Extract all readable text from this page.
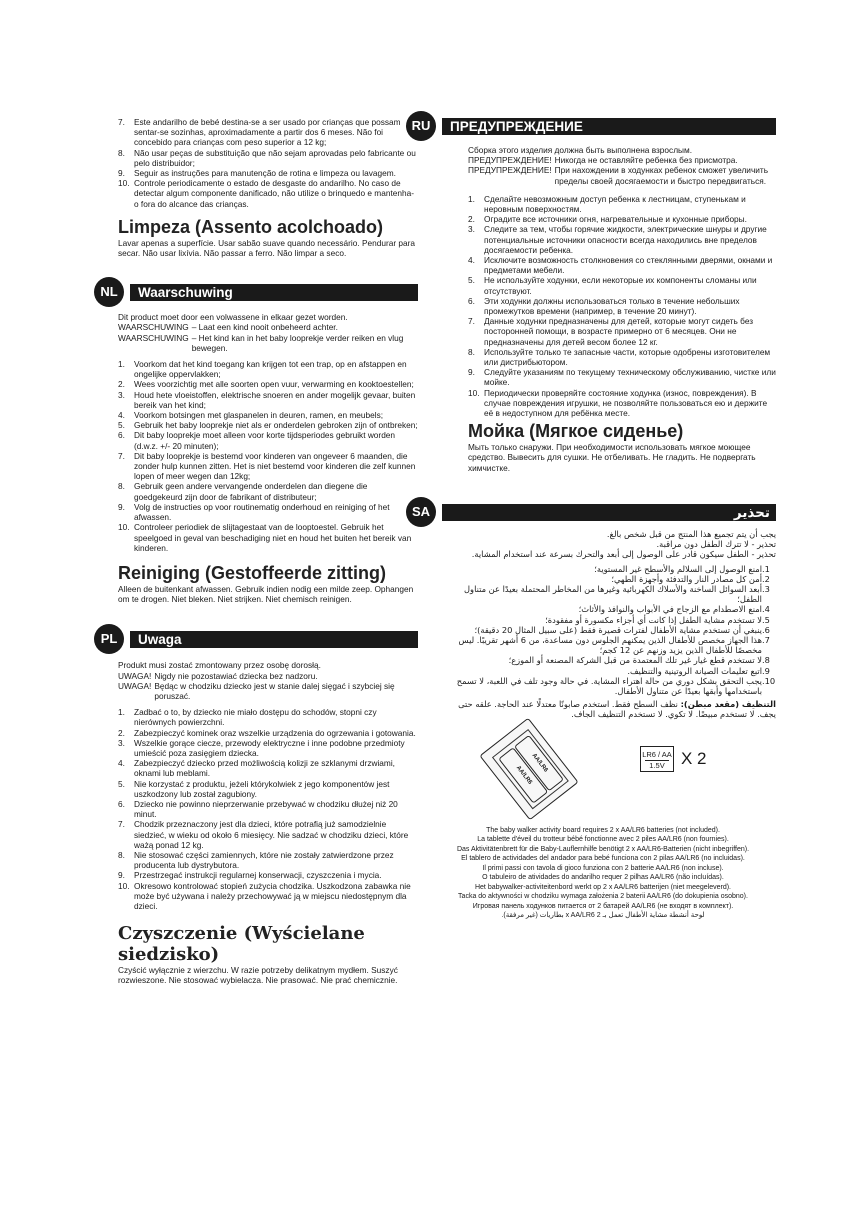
7.	Este andarilho de bebé destina-se a ser usado por crianças que possam sentar-se sozinhas, aproximadamente a partir dos 6 meses. Não foi concebido para crianças com peso superior a 12 kg;
8.	Não usar peças de substituição que não sejam aprovadas pelo fabricante ou pelo distribuidor;
9.	Seguir as instruções para manutenção de rotina e limpeza ou lavagem.
10. Controle periodicamente o estado de desgaste do andarilho. No caso de detectar algum componente danificado, não utilize o brinquedo e mantenha-o fora do alcance das crianças.
Limpeza (Assento acolchoado)
Lavar apenas a superfície. Usar sabão suave quando necessário. Pendurar para secar. Não usar lixívia. Não passar a ferro. Não limpar a seco.
NL	Waarschuwing
Dit product moet door een volwassene in elkaar gezet worden.
WAARSCHUWING – Laat een kind nooit onbeheerd achter.
WAARSCHUWING – Het kind kan in het baby looprekje verder reiken en vlug bewegen.
1.	Voorkom dat het kind toegang kan krijgen tot een trap, op en afstappen en ongelijke oppervlakken;
2.	Wees voorzichtig met alle soorten open vuur, verwarming en kooktoestellen;
3.	Houd hete vloeistoffen, elektrische snoeren en ander mogelijk gevaar, buiten bereik van het kind;
4.	Voorkom botsingen met glaspanelen in deuren, ramen, en meubels;
5.	Gebruik het baby looprekje niet als er onderdelen gebroken zijn of ontbreken;
6.	Dit baby looprekje moet alleen voor korte tijdsperiodes gebruikt worden (d.w.z. +/- 20 minuten);
7.	Dit baby looprekje is bestemd voor kinderen van ongeveer 6 maanden, die zonder hulp kunnen zitten. Het is niet bestemd voor kinderen die zelf kunnen lopen of meer wegen dan 12kg;
8.	Gebruik geen andere vervangende onderdelen dan diegene die goedgekeurd zijn door de fabrikant of distributeur;
9.	Volg de instructies op voor routinematig onderhoud en reiniging of het afwassen.
10. Controleer periodiek de slijtagestaat van de looptoestel. Gebruik het speelgoed in geval van beschadiging niet en houd het buiten het bereik van kinderen.
Reiniging (Gestoffeerde zitting)
Alleen de buitenkant afwassen. Gebruik indien nodig een milde zeep. Ophangen om te drogen. Niet bleken. Niet strijken. Niet chemisch reinigen.
PL	Uwaga
Produkt musi zostać zmontowany przez osobę dorosłą.
UWAGA! Nigdy nie pozostawiać dziecka bez nadzoru.
UWAGA! Będąc w chodziku dziecko jest w stanie dalej sięgać i szybciej się poruszać.
1.	Zadbać o to, by dziecko nie miało dostępu do schodów, stopni czy nierównych powierzchni.
2.	Zabezpieczyć kominek oraz wszelkie urządzenia do ogrzewania i gotowania.
3.	Wszelkie gorące ciecze, przewody elektryczne i inne podobne przedmioty umieścić poza zasięgiem dziecka.
4.	Zabezpieczyć dziecko przed możliwością kolizji ze szklanymi drzwiami, oknami lub meblami.
5.	Nie korzystać z produktu, jeżeli którykolwiek z jego komponentów jest uszkodzony lub został zagubiony.
6.	Dziecko nie powinno nieprzerwanie przebywać w chodziku dłużej niż 20 minut.
7.	Chodzik przeznaczony jest dla dzieci, które potrafią już samodzielnie siedzieć, w wieku od około 6 miesięcy. Nie sadzać w chodziku dzieci, które ważą ponad 12 kg.
8.	Nie stosować części zamiennych, które nie zostały zatwierdzone przez producenta lub dystrybutora.
9.	Przestrzegać instrukcji regularnej konserwacji, czyszczenia i mycia.
10. Okresowo kontrolować stopień zużycia chodzika. Uszkodzona zabawka nie może być używana i należy przechowywać ją w miejscu niedostępnym dla dzieci.
Czyszczenie (Wyścielane siedzisko)
Czyścić wyłącznie z wierzchu. W razie potrzeby delikatnym mydłem. Suszyć rozwieszone. Nie stosować wybielacza. Nie prasować. Nie prać chemicznie.
RU	ПРЕДУПРЕЖДЕНИЕ
Сборка этого изделия должна быть выполнена взрослым.
ПРЕДУПРЕЖДЕНИЕ! Никогда не оставляйте ребенка без присмотра.
ПРЕДУПРЕЖДЕНИЕ! При нахождении в ходунках ребенок сможет увеличить пределы своей досягаемости и быстро передвигаться.
1.	Сделайте невозможным доступ ребенка к лестницам, ступенькам и неровным поверхностям.
2.	Оградите все источники огня, нагревательные и кухонные приборы.
3.	Следите за тем, чтобы горячие жидкости, электрические шнуры и другие потенциальные источники опасности всегда находились вне пределов досягаемости ребенка.
4.	Исключите возможность столкновения со стеклянными дверями, окнами и предметами мебели.
5.	Не используйте ходунки, если некоторые их компоненты сломаны или отсутствуют.
6.	Эти ходунки должны использоваться только в течение небольших промежутков времени (например, в течение 20 минут).
7.	Данные ходунки предназначены для детей, которые могут сидеть без посторонней помощи, в возрасте примерно от 6 месяцев. Они не предназначены для детей весом более 12 кг.
8.	Используйте только те запасные части, которые одобрены изготовителем или дистрибьютором.
9.	Следуйте указаниям по текущему техническому обслуживанию, чистке или мойке.
10. Периодически проверяйте состояние ходунка (износ, повреждения). В случае повреждения игрушки, не позволяйте пользоваться ею и держите её в недоступном для ребёнка месте.
Мойка (Мягкое сиденье)
Мыть только снаружи. При необходимости использовать мягкое моющее средство. Вывесить для сушки. Не отбеливать. Не гладить. Не подвергать химчистке.
SA	تحذير
يجب أن يتم تجميع هذا المنتج من قبل شخص بالغ.
تحذير - لا تترك الطفل دون مراقبة.
تحذير - الطفل سيكون قادر على الوصول إلى أبعد والتحرك بسرعة عند استخدام المشاية.
1.
امنع الوصول إلى السلالم والأسطح غير المستوية؛
2.
أمن كل مصادر النار والتدفئة وأجهزة الطهي؛
3.
أبعد السوائل الساخنة والأسلاك الكهربائية وغيرها من المخاطر المحتملة بعيدًا عن متناول الطفل؛
4.
امنع الاصطدام مع الزجاج في الأبواب والنوافذ والأثاث؛
5.
لا تستخدم مشاية الطفل إذا كانت أي أجزاء مكسورة أو مفقودة؛
6.
ينبغي أن تستخدم مشاية الأطفال لفترات قصيرة فقط (على سبيل المثال 20 دقيقة)؛
7.
هذا الجهاز مخصص للأطفال الذين يمكنهم الجلوس دون مساعدة، من 6 أشهر تقريبًا. ليس مخصصًا للأطفال الذين يزيد وزنهم عن 12 كجم؛
8.
لا تستخدم قطع غيار غير تلك المعتمدة من قبل الشركة المصنعة أو الموزع؛
9.
اتبع تعليمات الصيانة الروتينية والتنظيف.
10.
يجب التحقق بشكل دوري من حالة اهتراء المشاية. في حالة وجود تلف في اللعبة، لا تسمح باستخدامها وأبقها بعيدًا عن متناول الأطفال.
التنظيف (مقعد مبطن): نظف السطح فقط. استخدم صابونًا معتدلًا عند الحاجة. علقه حتى يجف. لا تستخدم مبيضًا. لا تكوي. لا تستخدم التنظيف الجاف.
AA/LR6
AA/LR6	LR6 / AA
1.5V X 2
The baby walker activity board requires 2 x AA/LR6 batteries (not included).
La tablette d'éveil du trotteur bébé fonctionne avec 2 piles AA/LR6 (non fournies).
Das Aktivitätenbrett für die Baby-Lauflernhilfe benötigt 2 x AA/LR6-Batterien (nicht inbegriffen).
El tablero de actividades del andador para bebé funciona con 2 pilas AA/LR6 (no incluidas).
Il primi passi con tavola di gioco funziona con 2 batterie AA/LR6 (non incluse).
O tabuleiro de atividades do andarilho requer 2 pilhas AA/LR6 (não incluídas).
Het babywalker-activiteitenbord werkt op 2 x AA/LR6 batterijen (niet meegeleverd).
Tacka do aktywności w chodziku wymaga założenia 2 baterii AA/LR6 (do dokupienia osobno).
Игровая панель ходунков питается от 2 батарей AA/LR6 (не входят в комплект).
لوحة أنشطة مشاية الأطفال تعمل بـ 2 x AA/LR6 بطاريات (غير مرفقة).
